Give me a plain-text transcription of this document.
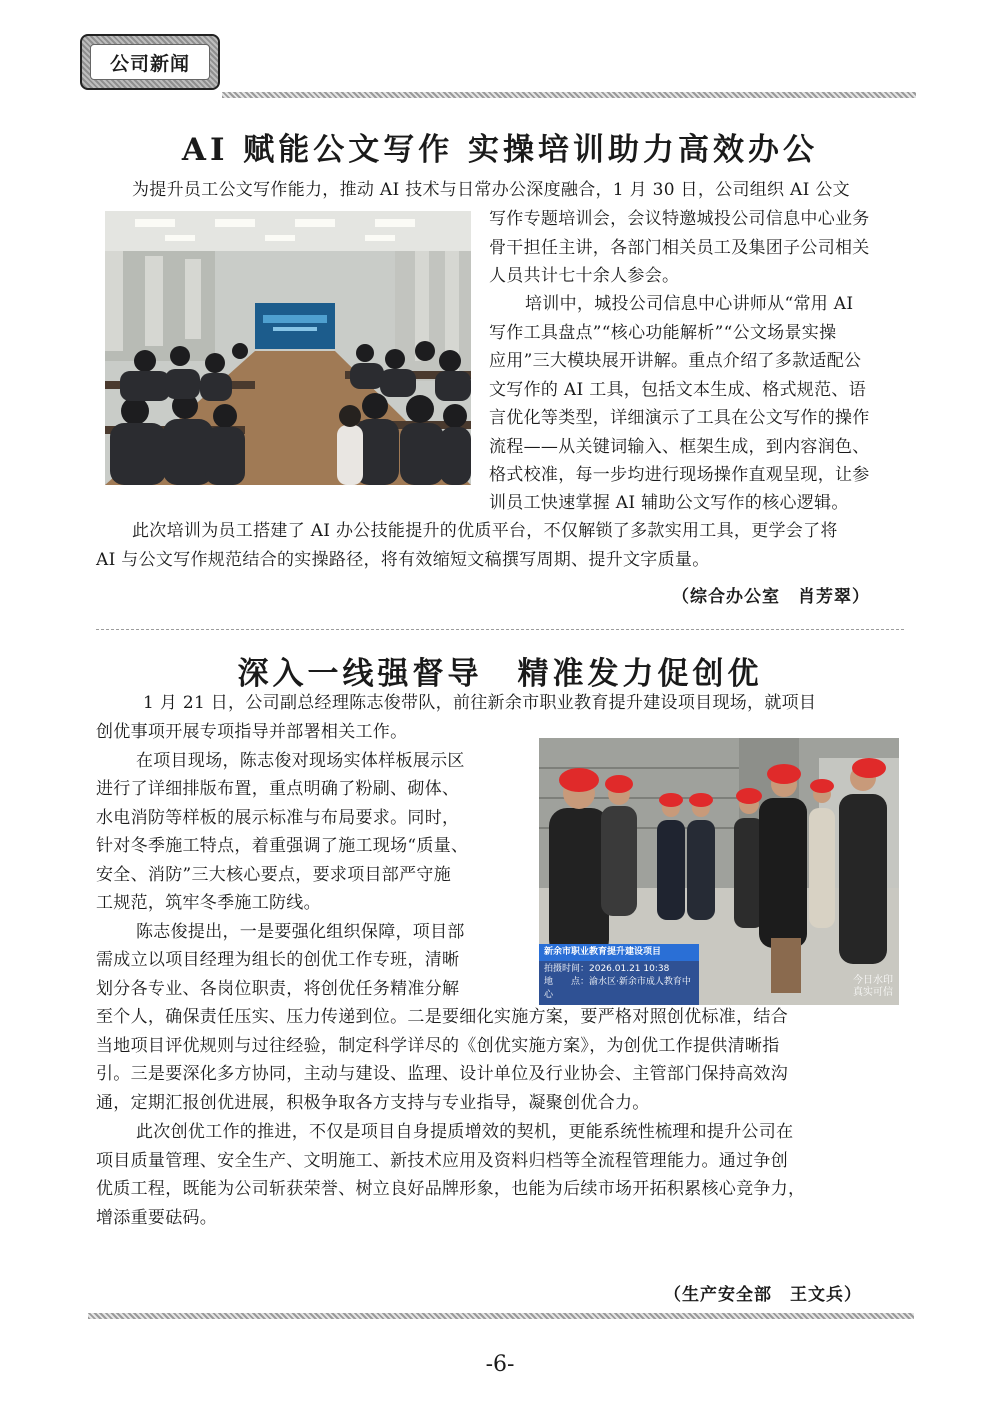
公司新闻
AI 赋能公文写作 实操培训助力高效办公
为提升员工公文写作能力，推动 AI 技术与日常办公深度融合，1 月 30 日，公司组织 AI 公文
写作专题培训会，会议特邀城投公司信息中心业务
骨干担任主讲，各部门相关员工及集团子公司相关
人员共计七十余人参会。
培训中，城投公司信息中心讲师从“常用 AI
写作工具盘点”“核心功能解析”“公文场景实操
应用”三大模块展开讲解。重点介绍了多款适配公
文写作的 AI 工具，包括文本生成、格式规范、语
言优化等类型，详细演示了工具在公文写作的操作
流程——从关键词输入、框架生成，到内容润色、
格式校准，每一步均进行现场操作直观呈现，让参
训员工快速掌握 AI 辅助公文写作的核心逻辑。
此次培训为员工搭建了 AI 办公技能提升的优质平台，不仅解锁了多款实用工具，更学会了将
AI 与公文写作规范结合的实操路径，将有效缩短文稿撰写周期、提升文字质量。
（综合办公室　肖芳翠）
深入一线强督导　精准发力促创优
1 月 21 日，公司副总经理陈志俊带队，前往新余市职业教育提升建设项目现场，就项目
创优事项开展专项指导并部署相关工作。
在项目现场，陈志俊对现场实体样板展示区
进行了详细排版布置，重点明确了粉刷、砌体、
水电消防等样板的展示标准与布局要求。同时，
针对冬季施工特点，着重强调了施工现场“质量、
安全、消防”三大核心要点，要求项目部严守施
工规范，筑牢冬季施工防线。
陈志俊提出，一是要强化组织保障，项目部
需成立以项目经理为组长的创优工作专班，清晰
划分各专业、各岗位职责，将创优任务精准分解
至个人，确保责任压实、压力传递到位。二是要细化实施方案，要严格对照创优标准，结合
当地项目评优规则与过往经验，制定科学详尽的《创优实施方案》，为创优工作提供清晰指
引。三是要深化多方协同，主动与建设、监理、设计单位及行业协会、主管部门保持高效沟
通，定期汇报创优进展，积极争取各方支持与专业指导，凝聚创优合力。
此次创优工作的推进，不仅是项目自身提质增效的契机，更能系统性梳理和提升公司在
项目质量管理、安全生产、文明施工、新技术应用及资料归档等全流程管理能力。通过争创
优质工程，既能为公司斩获荣誉、树立良好品牌形象，也能为后续市场开拓积累核心竞争力，
增添重要砝码。
（生产安全部　王文兵）
新余市职业教育提升建设项目
拍摄时间：2026.01.21 10:38
地　　点：渝水区·新余市成人教育中心
今日水印
真实可信
-6-
